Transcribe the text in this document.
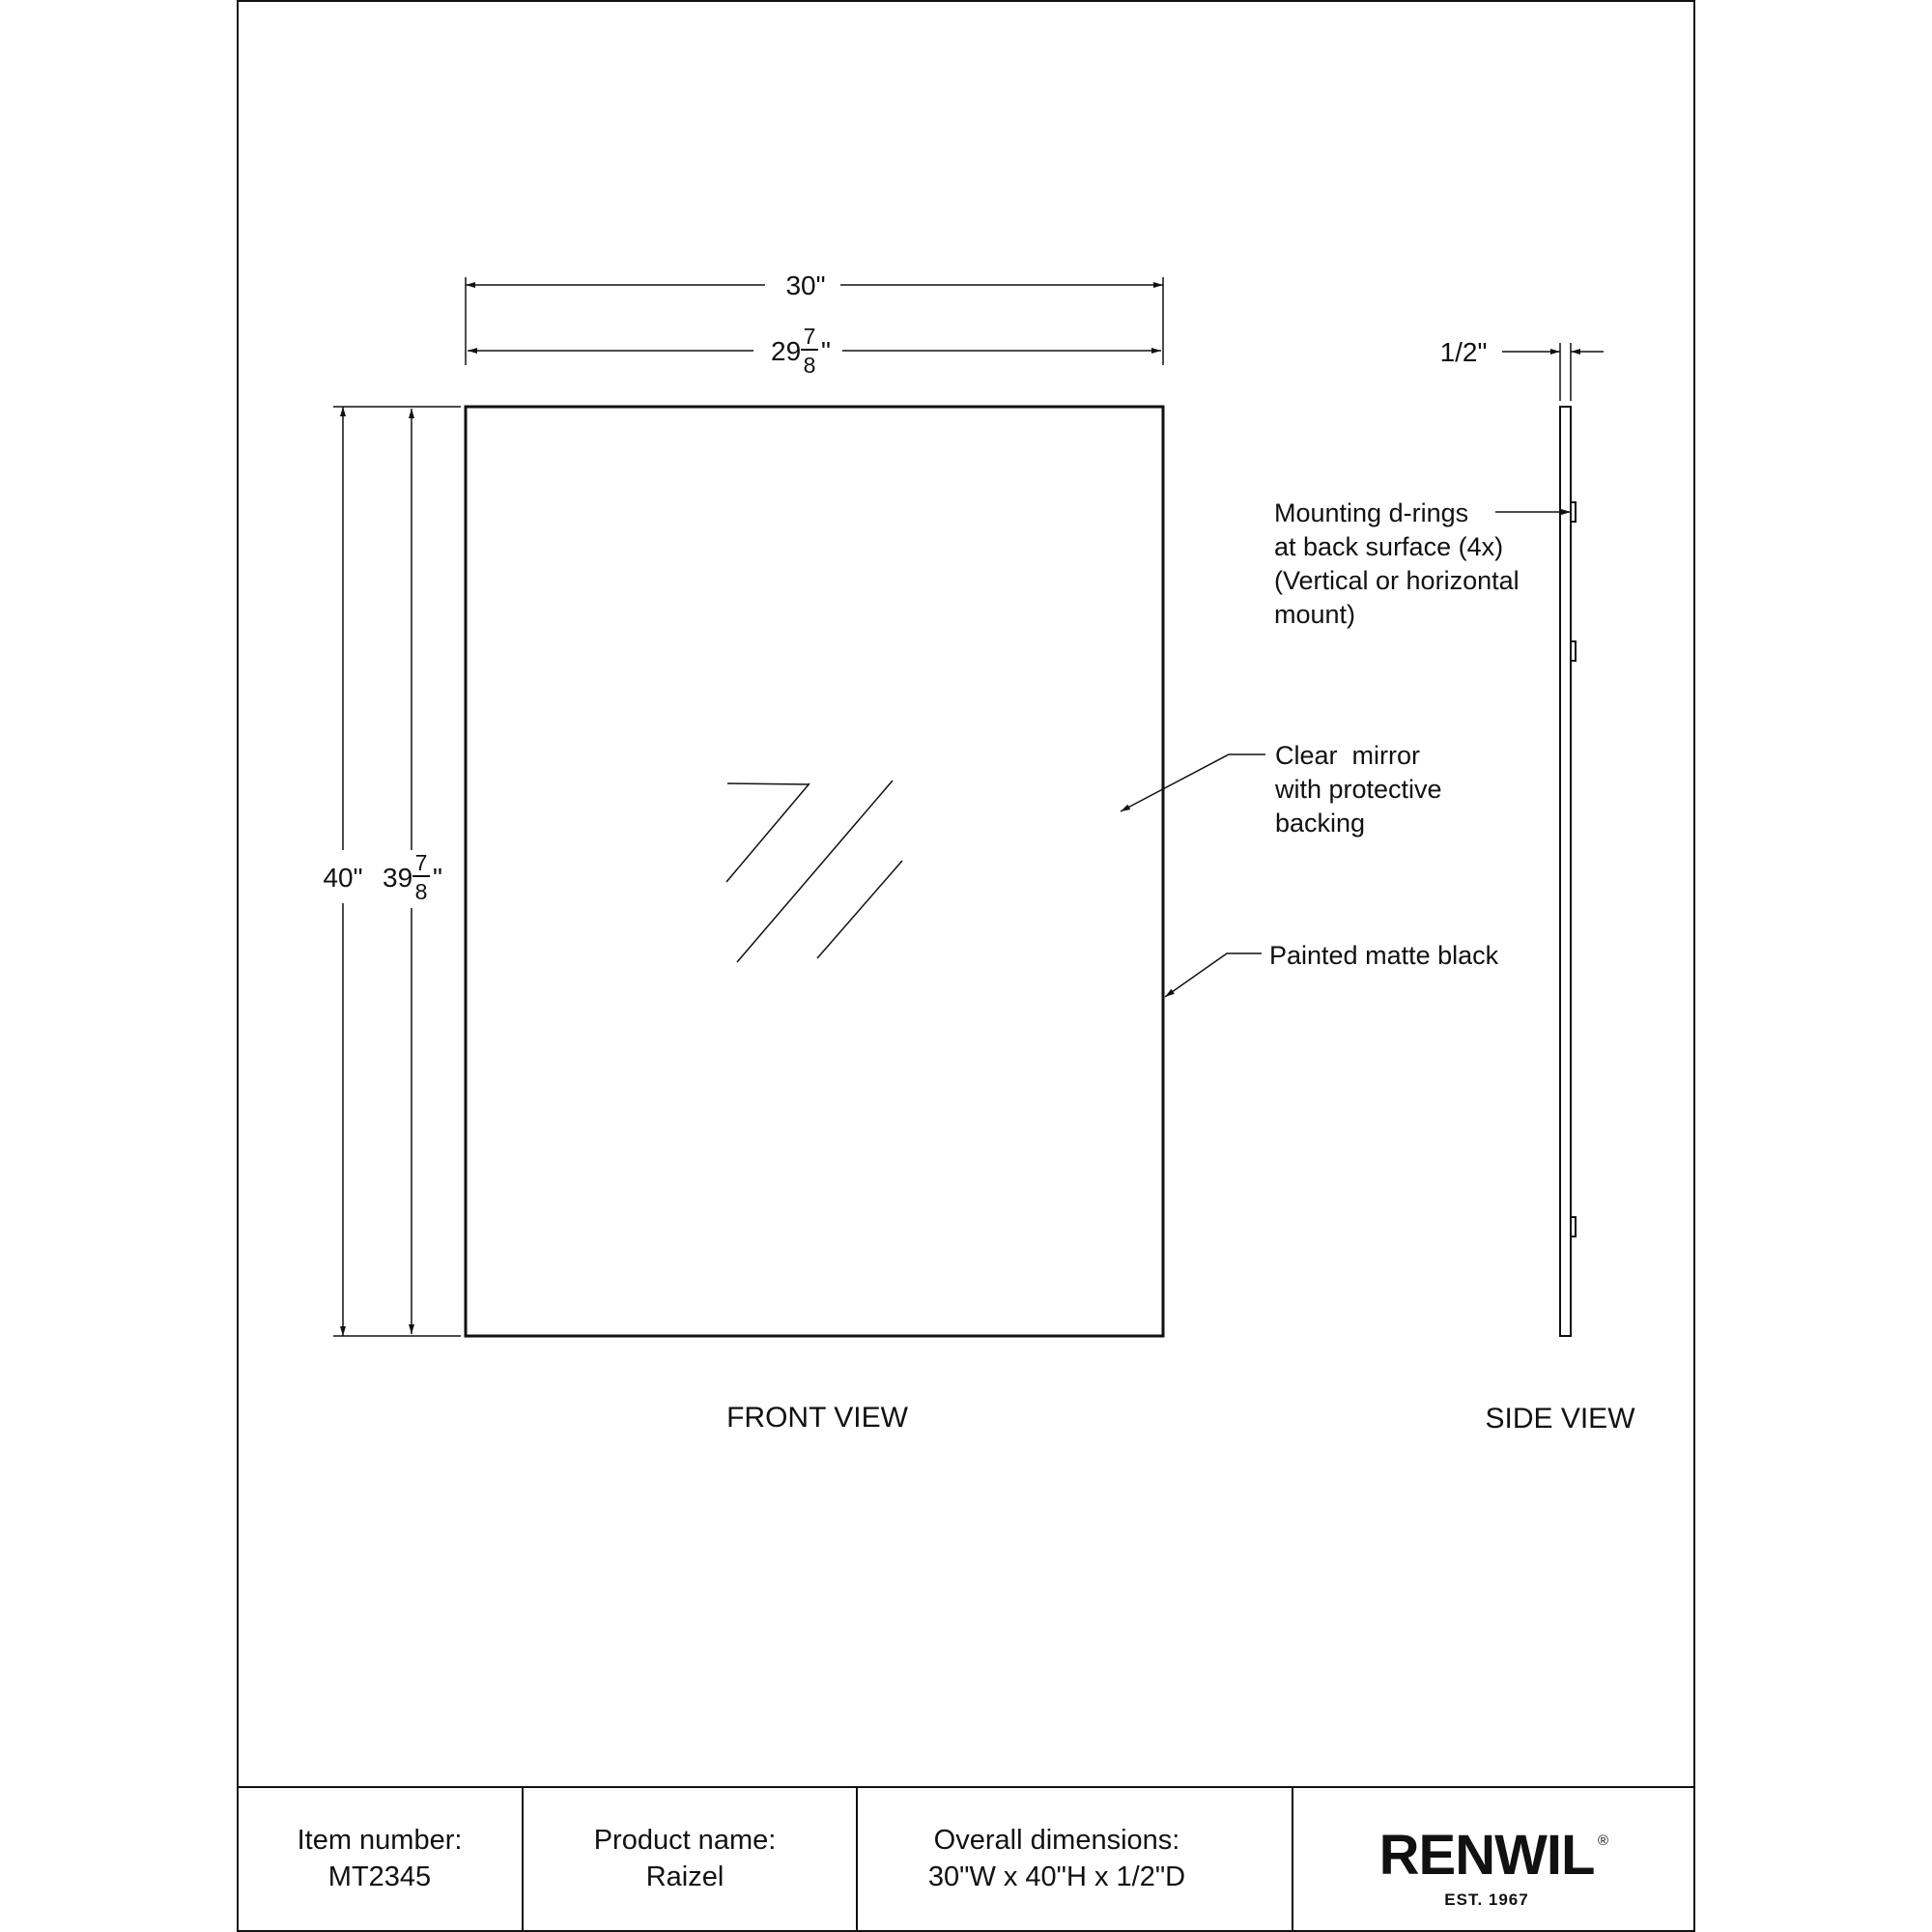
30"
29 7
8 "
40" 39 7
8 "
FRONT VIEW
1/2"
SIDE VIEW
Mounting d-rings
at back surface (4x)
(Vertical or horizontal
mount)
Clear  mirror
with protective
backing
Painted matte black
Item number:
MT2345
Product name:
Raizel
Overall dimensions:
30"W x 40"H x 1/2"D	RENWIL ®
EST. 1967
